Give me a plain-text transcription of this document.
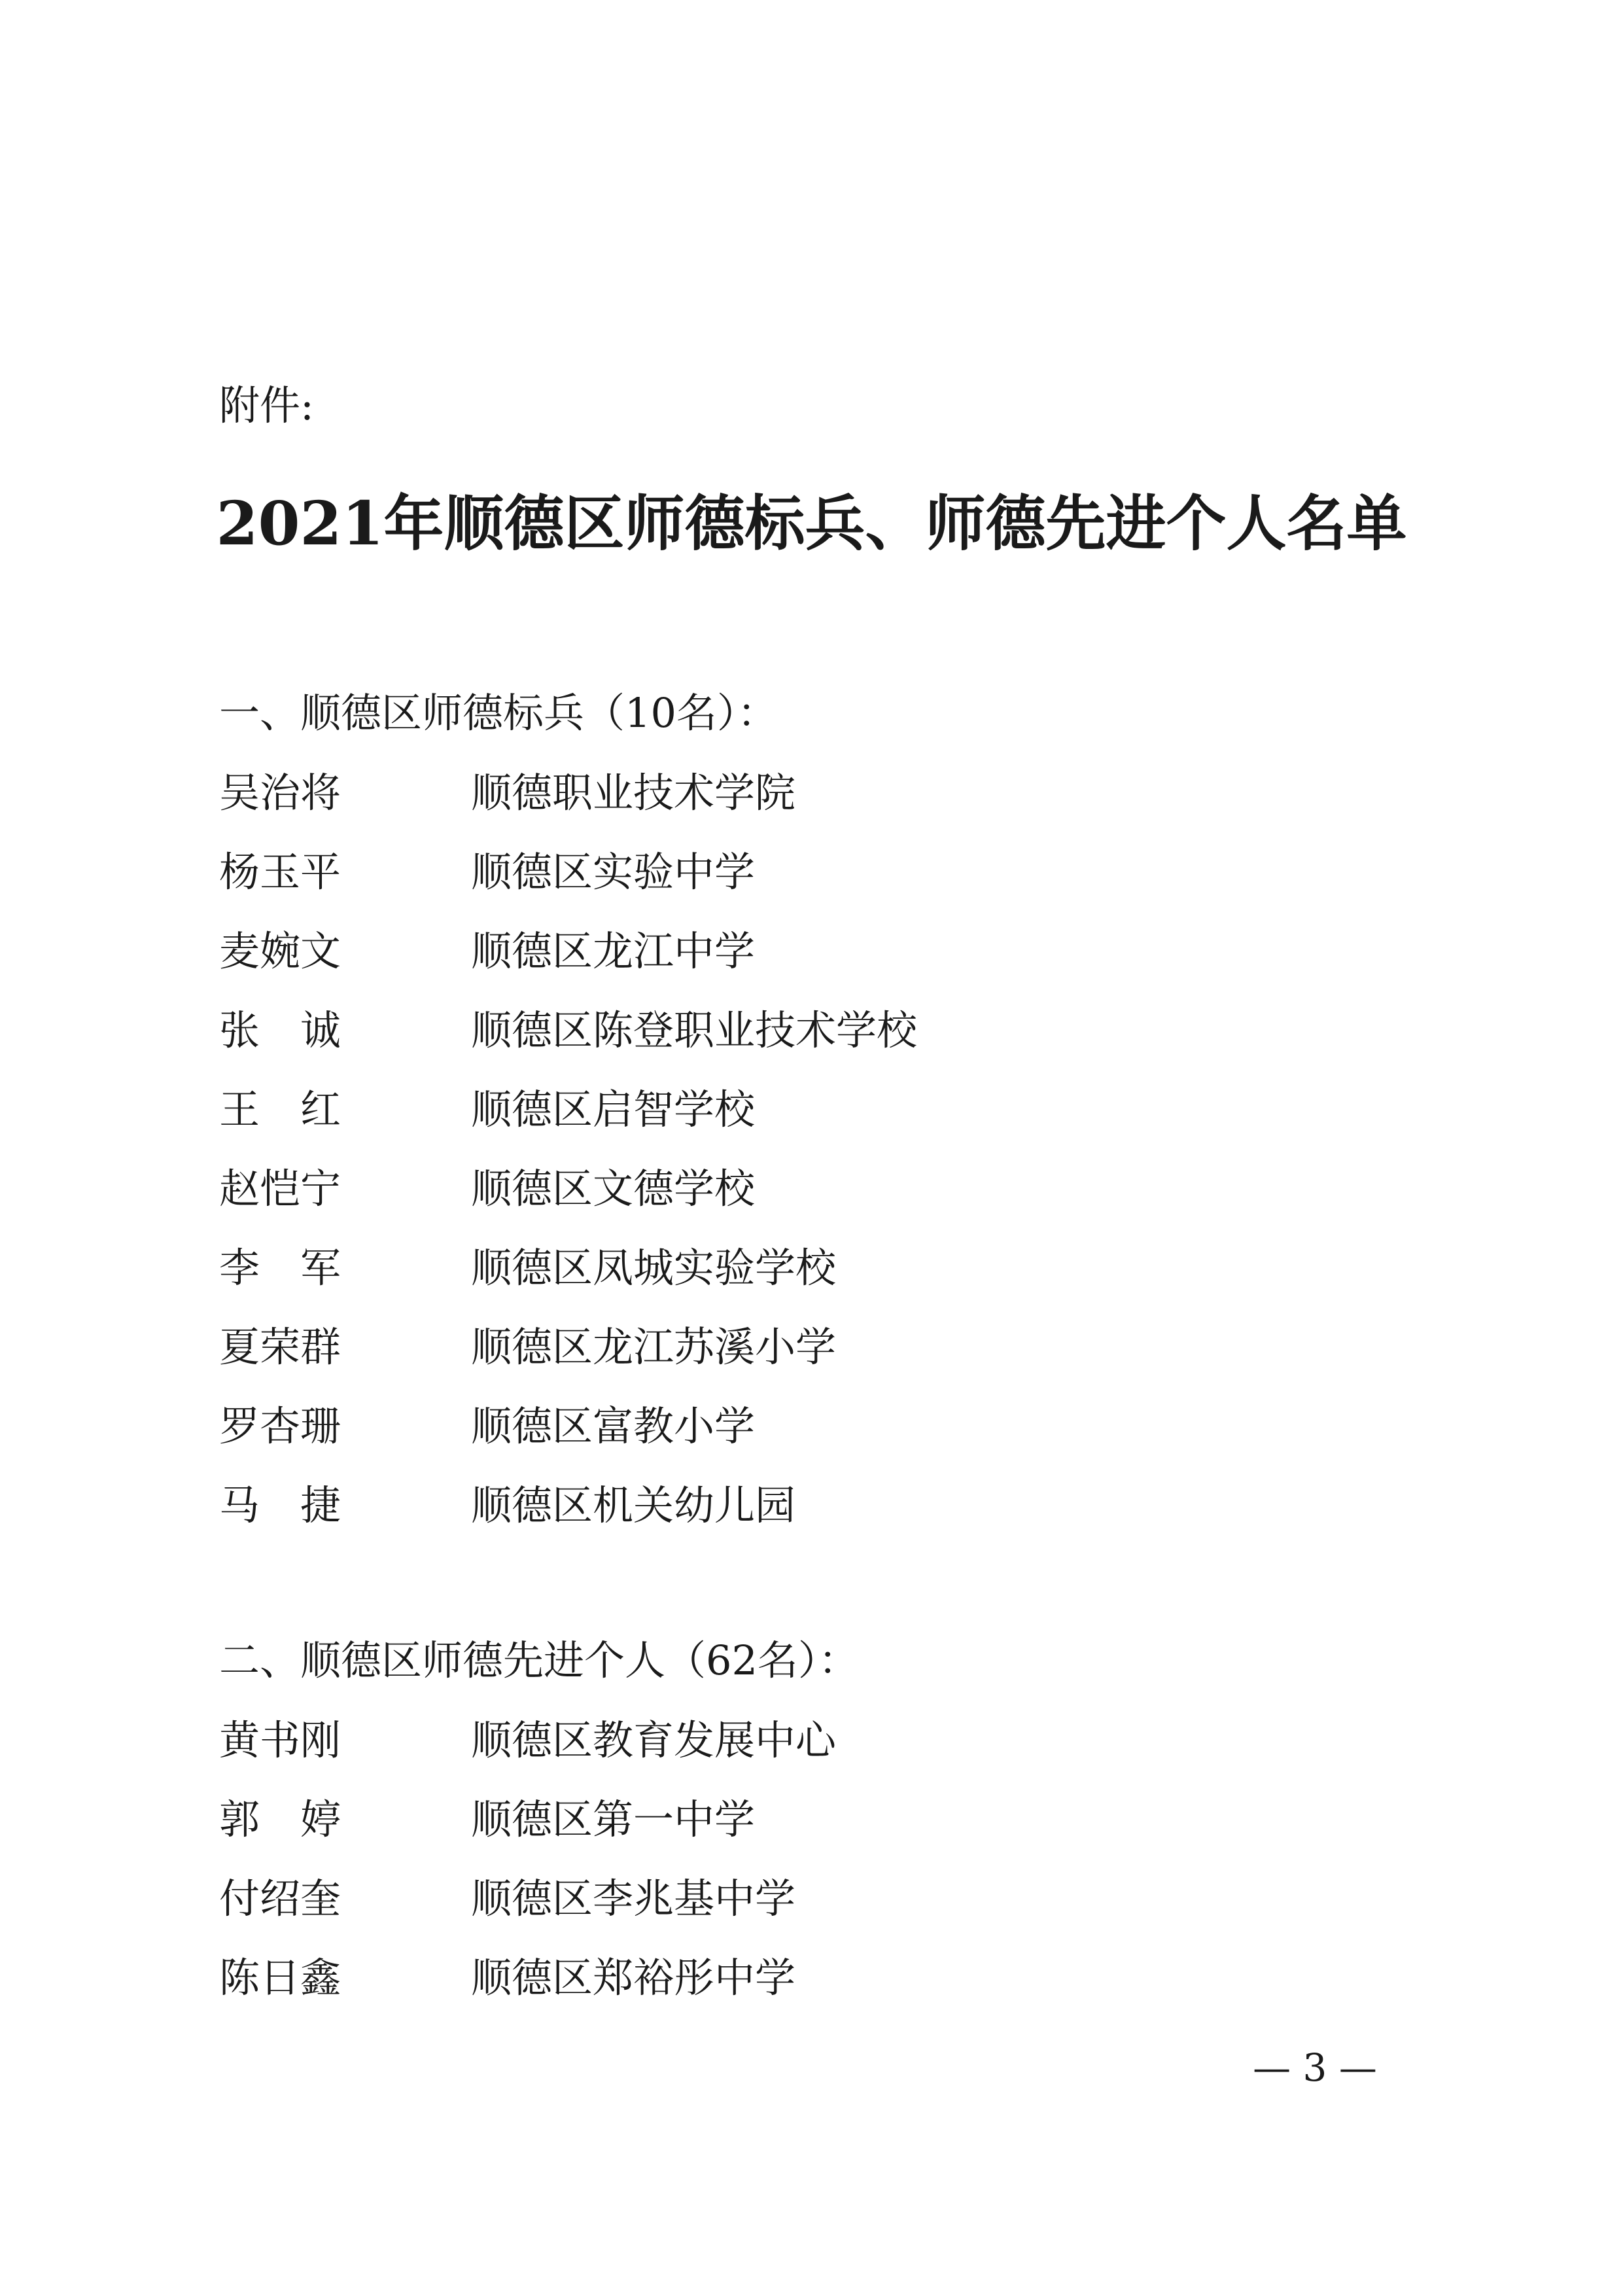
附件:
2021年顺德区师德标兵、师德先进个人名单
一、顺德区师德标兵（10名）：
吴治将	顺德职业技术学院
杨玉平	顺德区实验中学
麦婉文	顺德区龙江中学
张　诚	顺德区陈登职业技术学校
王　红	顺德区启智学校
赵恺宁	顺德区文德学校
李　军	顺德区凤城实验学校
夏荣群	顺德区龙江苏溪小学
罗杏珊	顺德区富教小学
马　捷	顺德区机关幼儿园
二、顺德区师德先进个人（62名）：
黄书刚	顺德区教育发展中心
郭　婷	顺德区第一中学
付绍奎	顺德区李兆基中学
陈日鑫	顺德区郑裕彤中学
— 3 —
